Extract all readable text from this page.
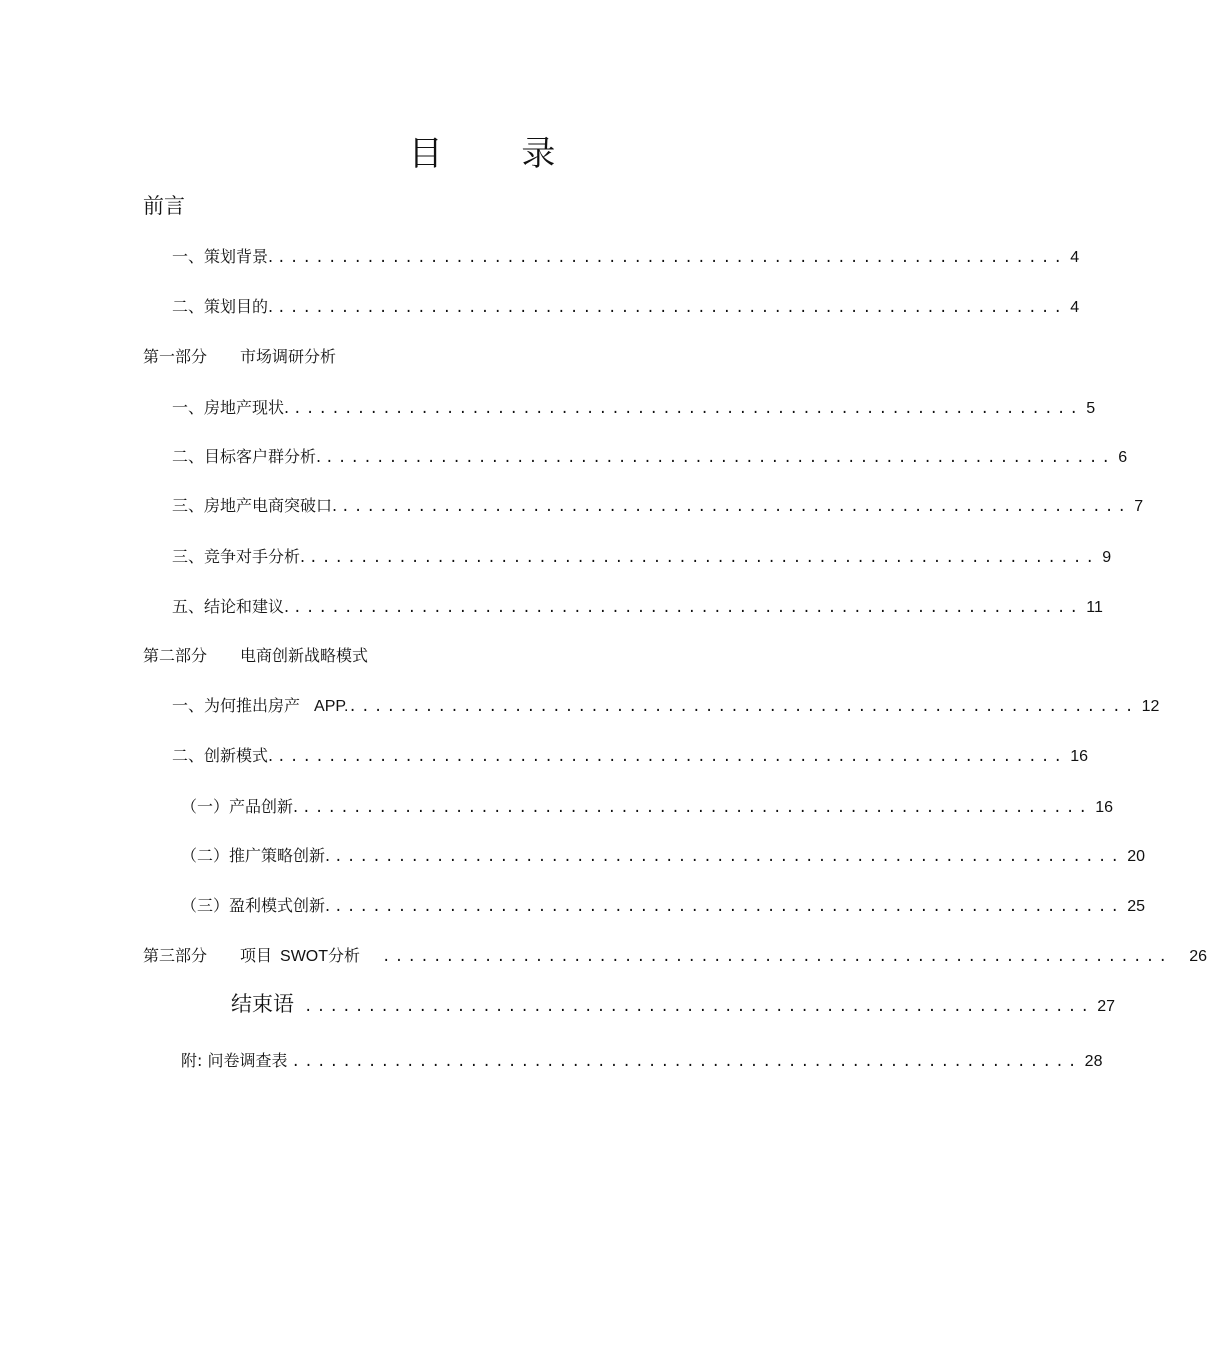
目 录
前言
一、策划背景. .............................................................. 4
二、策划目的. .............................................................. 4
第一部分 市场调研分析
一、房地产现状. .............................................................. 5
二、目标客户群分析. .............................................................. 6
三、房地产电商突破口. .............................................................. 7
三、竞争对手分析. .............................................................. 9
五、结论和建议. .............................................................. 11
第二部分 电商创新战略模式
一、为何推出房产 APP. .............................................................. 12
二、创新模式. .............................................................. 16
（一）产品创新. .............................................................. 16
（二）推广策略创新. .............................................................. 20
（三）盈利模式创新. .............................................................. 25
第三部分 项目 SWOT分析 .............................................................. 26
结束语 .............................................................. 27
附: 问卷调查表 .............................................................. 28
